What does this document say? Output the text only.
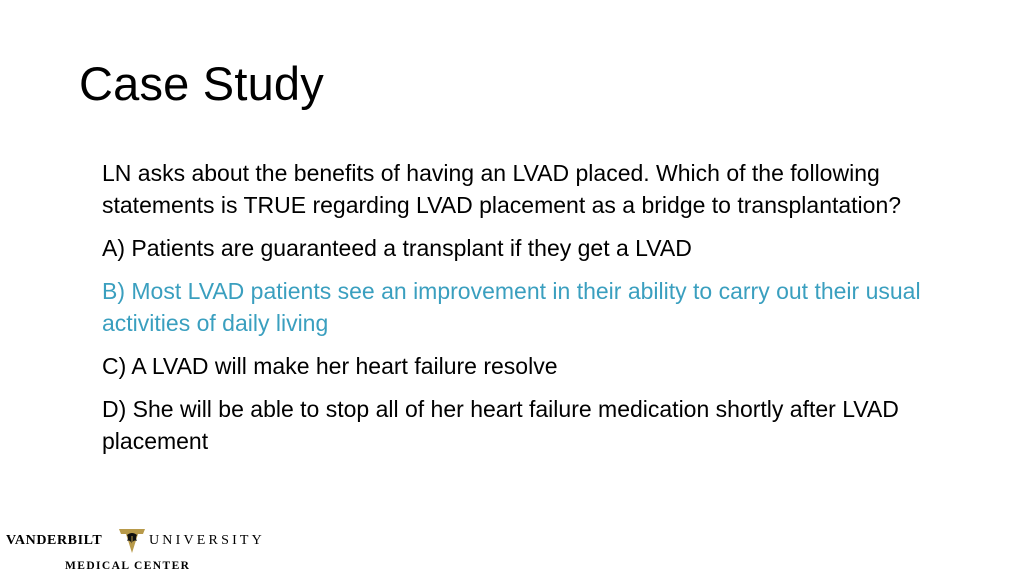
Case Study

LN asks about the benefits of having an LVAD placed. Which of the following statements is TRUE regarding LVAD placement as a bridge to transplantation?

A) Patients are guaranteed a transplant if they get a LVAD

B) Most LVAD patients see an improvement in their ability to carry out their usual activities of daily living

C) A LVAD will make her heart failure resolve

D) She will be able to stop all of her heart failure medication shortly after LVAD placement

VANDERBILT	UNIVERSITY
MEDICAL CENTER
